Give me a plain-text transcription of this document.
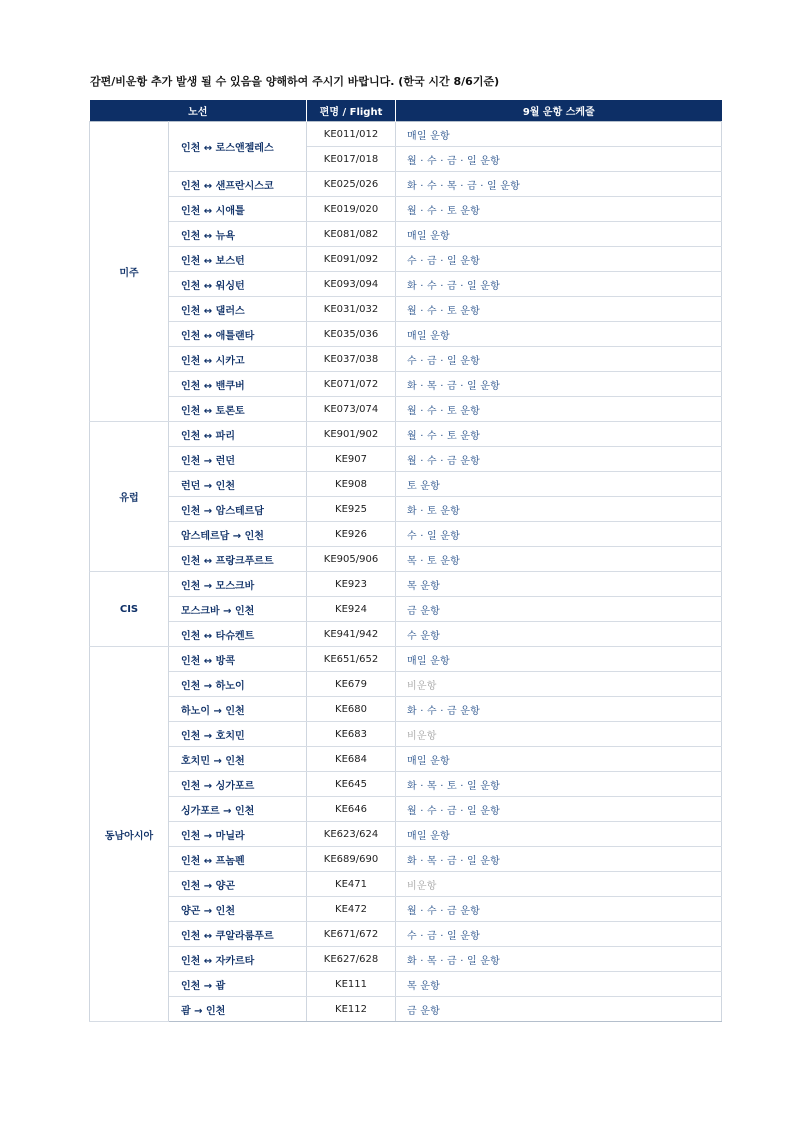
감편/비운항 추가 발생 될 수 있음을 양해하여 주시기 바랍니다. (한국 시간 8/6기준)
노선		편명 / Flight	9월 운항 스케줄
미주	인천 ↔ 로스앤젤레스	KE011/012	매일 운항
		KE017/018	월 · 수 · 금 · 일 운항
	인천 ↔ 샌프란시스코	KE025/026	화 · 수 · 목 · 금 · 일 운항
	인천 ↔ 시애틀	KE019/020	월 · 수 · 토 운항
	인천 ↔ 뉴욕	KE081/082	매일 운항
	인천 ↔ 보스턴	KE091/092	수 · 금 · 일 운항
	인천 ↔ 워싱턴	KE093/094	화 · 수 · 금 · 일 운항
	인천 ↔ 댈러스	KE031/032	월 · 수 · 토 운항
	인천 ↔ 애틀랜타	KE035/036	매일 운항
	인천 ↔ 시카고	KE037/038	수 · 금 · 일 운항
	인천 ↔ 밴쿠버	KE071/072	화 · 목 · 금 · 일 운항
	인천 ↔ 토론토	KE073/074	월 · 수 · 토 운항
유럽	인천 ↔ 파리	KE901/902	월 · 수 · 토 운항
	인천 → 런던	KE907	월 · 수 · 금 운항
	런던 → 인천	KE908	토 운항
	인천 → 암스테르담	KE925	화 · 토 운항
	암스테르담 → 인천	KE926	수 · 일 운항
	인천 ↔ 프랑크푸르트	KE905/906	목 · 토 운항
CIS	인천 → 모스크바	KE923	목 운항
	모스크바 → 인천	KE924	금 운항
	인천 ↔ 타슈켄트	KE941/942	수 운항
동남아시아	인천 ↔ 방콕	KE651/652	매일 운항
	인천 → 하노이	KE679	비운항
	하노이 → 인천	KE680	화 · 수 · 금 운항
	인천 → 호치민	KE683	비운항
	호치민 → 인천	KE684	매일 운항
	인천 → 싱가포르	KE645	화 · 목 · 토 · 일 운항
	싱가포르 → 인천	KE646	월 · 수 · 금 · 일 운항
	인천 → 마닐라	KE623/624	매일 운항
	인천 ↔ 프놈펜	KE689/690	화 · 목 · 금 · 일 운항
	인천 → 양곤	KE471	비운항
	양곤 → 인천	KE472	월 · 수 · 금 운항
	인천 ↔ 쿠알라룸푸르	KE671/672	수 · 금 · 일 운항
	인천 ↔ 자카르타	KE627/628	화 · 목 · 금 · 일 운항
	인천 → 괌	KE111	목 운항
	괌 → 인천	KE112	금 운항
